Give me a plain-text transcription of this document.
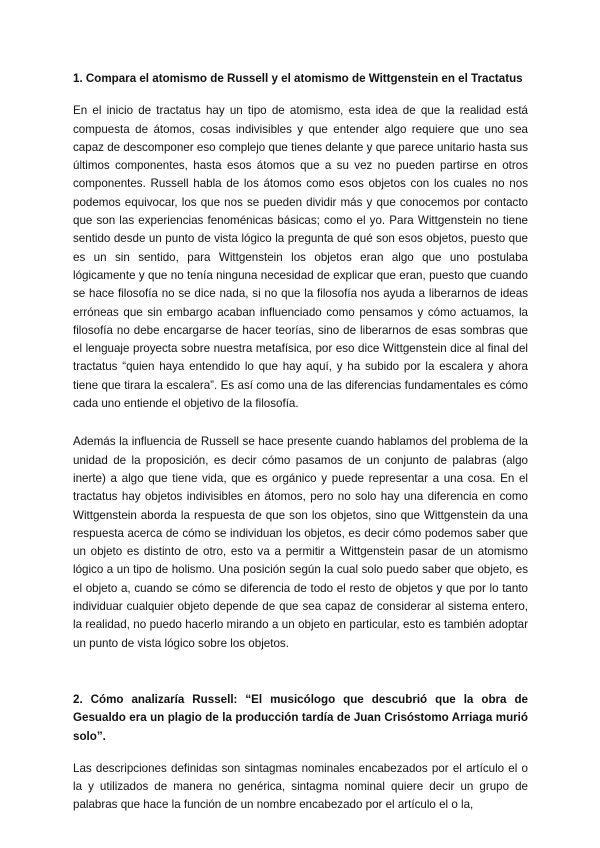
1. Compara el atomismo de Russell y el atomismo de Wittgenstein en el Tractatus

En el inicio de tractatus hay un tipo de atomismo, esta idea de que la realidad está compuesta de átomos, cosas indivisibles y que entender algo requiere que uno sea capaz de descomponer eso complejo que tienes delante y que parece unitario hasta sus últimos componentes, hasta esos átomos que a su vez no pueden partirse en otros componentes. Russell habla de los átomos como esos objetos con los cuales no nos podemos equivocar, los que nos se pueden dividir más y que conocemos por contacto que son las experiencias fenoménicas básicas; como el yo. Para Wittgenstein no tiene sentido desde un punto de vista lógico la pregunta de qué son esos objetos, puesto que es un sin sentido, para Wittgenstein los objetos eran algo que uno postulaba lógicamente y que no tenía ninguna necesidad de explicar que eran, puesto que cuando se hace filosofía no se dice nada, si no que la filosofía nos ayuda a liberarnos de ideas erróneas que sin embargo acaban influenciado como pensamos y cómo actuamos, la filosofía no debe encargarse de hacer teorías, sino de liberarnos de esas sombras que el lenguaje proyecta sobre nuestra metafísica, por eso dice Wittgenstein dice al final del tractatus “quien haya entendido lo que hay aquí, y ha subido por la escalera y ahora tiene que tirara la escalera”. Es así como una de las diferencias fundamentales es cómo cada uno entiende el objetivo de la filosofía.

Además la influencia de Russell se hace presente cuando hablamos del problema de la unidad de la proposición, es decir cómo pasamos de un conjunto de palabras (algo inerte) a algo que tiene vida, que es orgánico y puede representar a una cosa. En el tractatus hay objetos indivisibles en átomos, pero no solo hay una diferencia en como Wittgenstein aborda la respuesta de que son los objetos, sino que Wittgenstein da una respuesta acerca de cómo se individuan los objetos, es decir cómo podemos saber que un objeto es distinto de otro, esto va a permitir a Wittgenstein pasar de un atomismo lógico a un tipo de holismo. Una posición según la cual solo puedo saber que objeto, es el objeto a, cuando se cómo se diferencia de todo el resto de objetos y que por lo tanto individuar cualquier objeto depende de que sea capaz de considerar al sistema entero, la realidad, no puedo hacerlo mirando a un objeto en particular, esto es también adoptar un punto de vista lógico sobre los objetos.

2. Cómo analizaría Russell: “El musicólogo que descubrió que la obra de Gesualdo era un plagio de la producción tardía de Juan Crisóstomo Arriaga murió solo”.

Las descripciones definidas son sintagmas nominales encabezados por el artículo el o la y utilizados de manera no genérica, sintagma nominal quiere decir un grupo de palabras que hace la función de un nombre encabezado por el artículo el o la,
